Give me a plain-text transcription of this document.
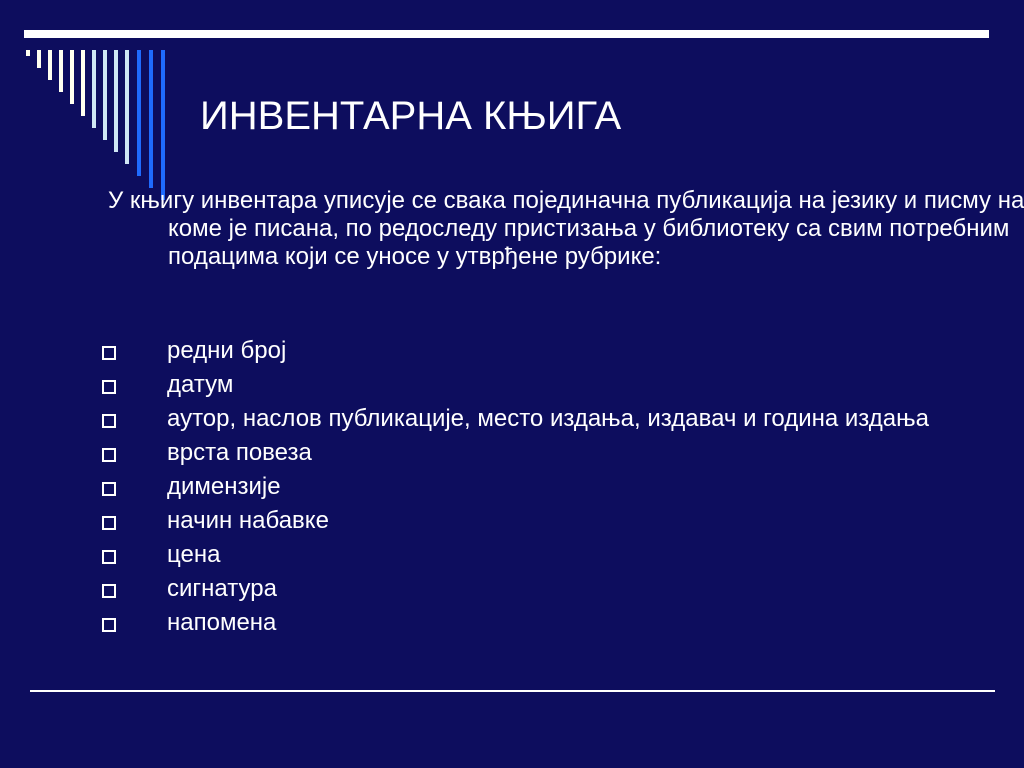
ИНВЕНТАРНА КЊИГА

У књигу инвентара уписује се свака појединачна публикација на језику и писму на коме је писана, по редоследу пристизања у библиотеку са свим потребним подацима који се уносе у утврђене рубрике:

редни број
датум
аутор, наслов публикације, место издања, издавач и година издања
врста повеза
димензије
начин набавке
цена
сигнатура
напомена
